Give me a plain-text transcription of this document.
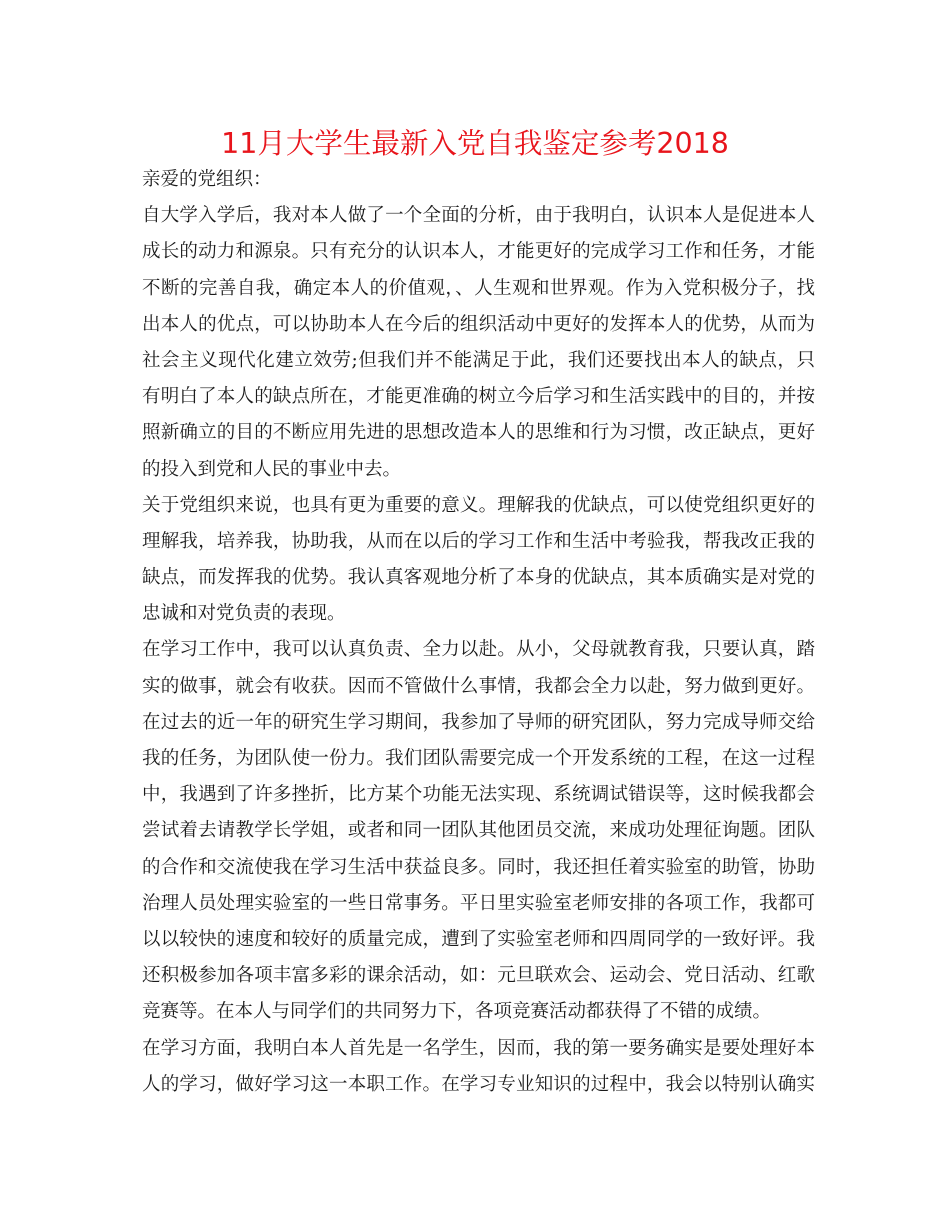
11月大学生最新入党自我鉴定参考2018
亲爱的党组织：
自大学入学后，我对本人做了一个全面的分析，由于我明白，认识本人是促进本人
成长的动力和源泉。只有充分的认识本人，才能更好的完成学习工作和任务，才能
不断的完善自我，确定本人的价值观，、人生观和世界观。作为入党积极分子，找
出本人的优点，可以协助本人在今后的组织活动中更好的发挥本人的优势，从而为
社会主义现代化建立效劳;但我们并不能满足于此，我们还要找出本人的缺点，只
有明白了本人的缺点所在，才能更准确的树立今后学习和生活实践中的目的，并按
照新确立的目的不断应用先进的思想改造本人的思维和行为习惯，改正缺点，更好
的投入到党和人民的事业中去。
关于党组织来说，也具有更为重要的意义。理解我的优缺点，可以使党组织更好的
理解我，培养我，协助我，从而在以后的学习工作和生活中考验我，帮我改正我的
缺点，而发挥我的优势。我认真客观地分析了本身的优缺点，其本质确实是对党的
忠诚和对党负责的表现。
在学习工作中，我可以认真负责、全力以赴。从小，父母就教育我，只要认真，踏
实的做事，就会有收获。因而不管做什么事情，我都会全力以赴，努力做到更好。
在过去的近一年的研究生学习期间，我参加了导师的研究团队，努力完成导师交给
我的任务，为团队使一份力。我们团队需要完成一个开发系统的工程，在这一过程
中，我遇到了许多挫折，比方某个功能无法实现、系统调试错误等，这时候我都会
尝试着去请教学长学姐，或者和同一团队其他团员交流，来成功处理征询题。团队
的合作和交流使我在学习生活中获益良多。同时，我还担任着实验室的助管，协助
治理人员处理实验室的一些日常事务。平日里实验室老师安排的各项工作，我都可
以以较快的速度和较好的质量完成，遭到了实验室老师和四周同学的一致好评。我
还积极参加各项丰富多彩的课余活动，如：元旦联欢会、运动会、党日活动、红歌
竞赛等。在本人与同学们的共同努力下，各项竞赛活动都获得了不错的成绩。
在学习方面，我明白本人首先是一名学生，因而，我的第一要务确实是要处理好本
人的学习，做好学习这一本职工作。在学习专业知识的过程中，我会以特别认确实
